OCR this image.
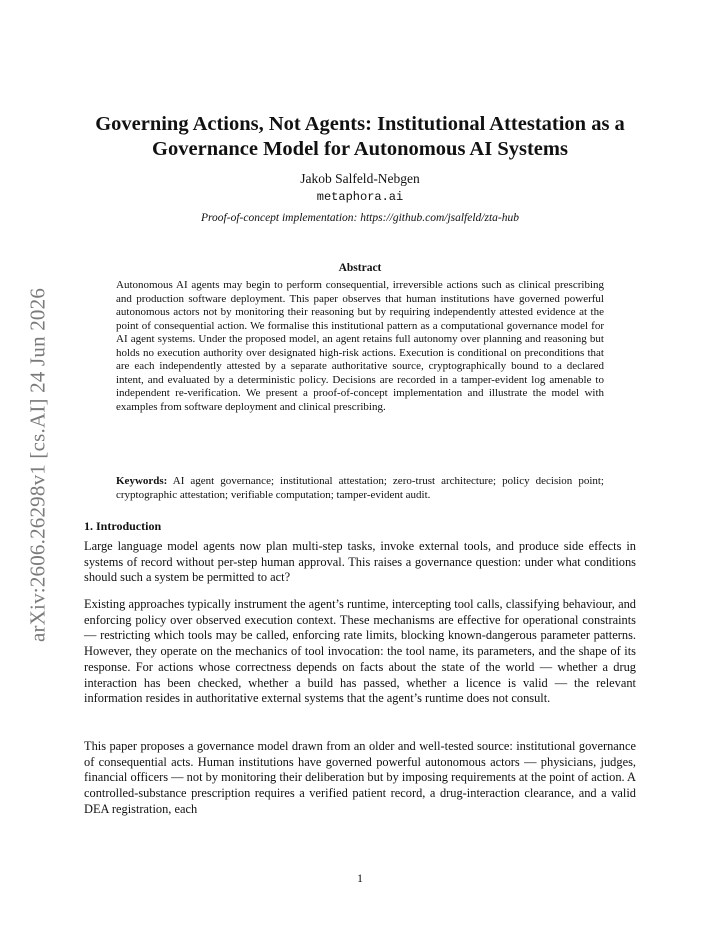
arXiv:2606.26298v1 [cs.AI] 24 Jun 2026
Governing Actions, Not Agents: Institutional Attestation as a Governance Model for Autonomous AI Systems
Jakob Salfeld-Nebgen
metaphora.ai
Proof-of-concept implementation: https://github.com/jsalfeld/zta-hub
Abstract

Autonomous AI agents may begin to perform consequential, irreversible actions such as clinical prescribing and production software deployment. This paper observes that human institutions have governed powerful autonomous actors not by monitoring their reasoning but by requiring independently attested evidence at the point of consequential action. We formalise this institutional pattern as a computational governance model for AI agent systems. Under the proposed model, an agent retains full autonomy over planning and reasoning but holds no execution authority over designated high-risk actions. Execution is conditional on preconditions that are each independently attested by a separate authoritative source, cryptographically bound to a declared intent, and evaluated by a deterministic policy. Decisions are recorded in a tamper-evident log amenable to independent re-verification. We present a proof-of-concept implementation and illustrate the model with examples from software deployment and clinical prescribing.

Keywords: AI agent governance; institutional attestation; zero-trust architecture; policy decision point; cryptographic attestation; verifiable computation; tamper-evident audit.

1. Introduction

Large language model agents now plan multi-step tasks, invoke external tools, and produce side effects in systems of record without per-step human approval. This raises a governance question: under what conditions should such a system be permitted to act?

Existing approaches typically instrument the agent’s runtime, intercepting tool calls, classifying behaviour, and enforcing policy over observed execution context. These mechanisms are effective for operational constraints — restricting which tools may be called, enforcing rate limits, blocking known-dangerous parameter patterns. However, they operate on the mechanics of tool invocation: the tool name, its parameters, and the shape of its response. For actions whose correctness depends on facts about the state of the world — whether a drug interaction has been checked, whether a build has passed, whether a licence is valid — the relevant information resides in authoritative external systems that the agent’s runtime does not consult.

This paper proposes a governance model drawn from an older and well-tested source: institutional governance of consequential acts. Human institutions have governed powerful autonomous actors — physicians, judges, financial officers — not by monitoring their deliberation but by imposing requirements at the point of action. A controlled-substance prescription requires a verified patient record, a drug-interaction clearance, and a valid DEA registration, each

1
